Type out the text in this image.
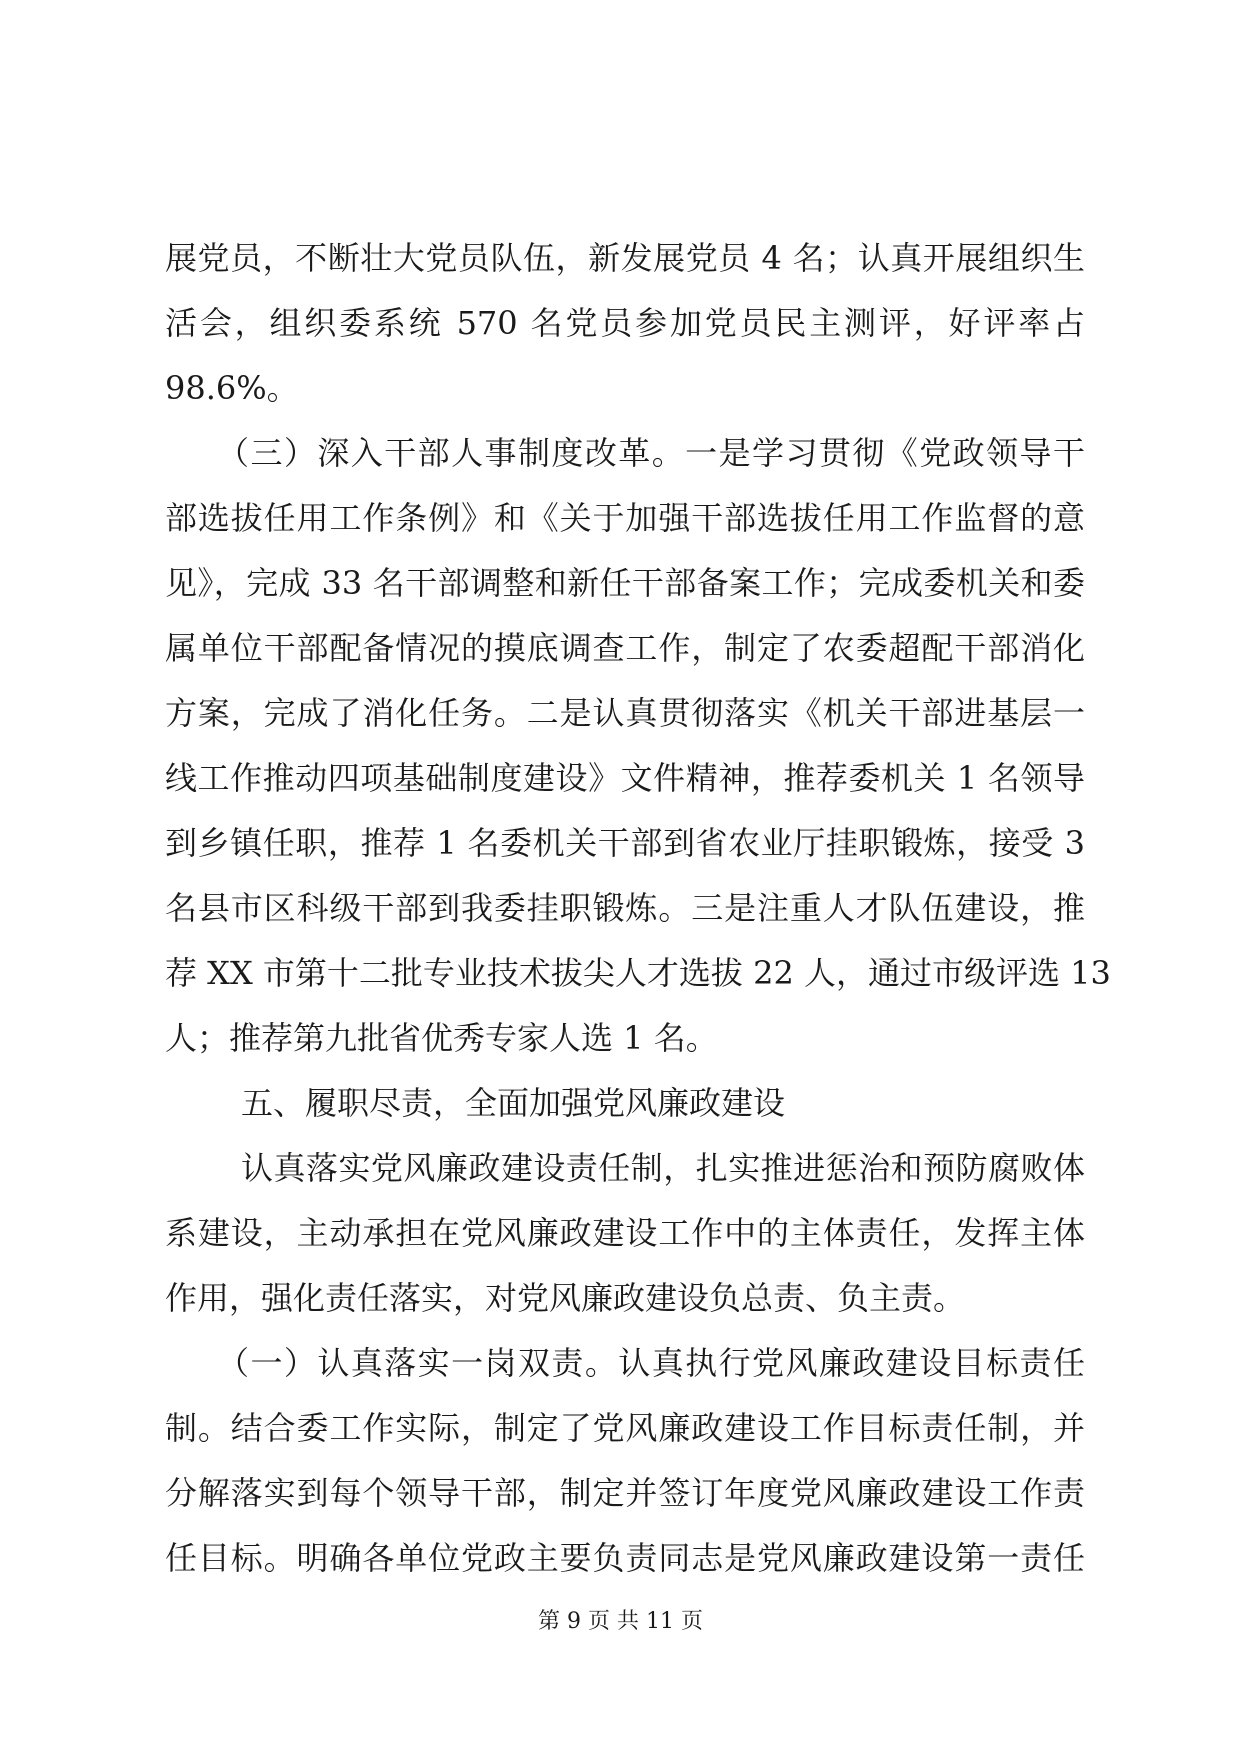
展党员，不断壮大党员队伍，新发展党员 4 名；认真开展组织生
活会，组织委系统 570 名党员参加党员民主测评，好评率占
98.6%。
（三）深入干部人事制度改革。一是学习贯彻《党政领导干
部选拔任用工作条例》和《关于加强干部选拔任用工作监督的意
见》，完成 33 名干部调整和新任干部备案工作；完成委机关和委
属单位干部配备情况的摸底调查工作，制定了农委超配干部消化
方案，完成了消化任务。二是认真贯彻落实《机关干部进基层一
线工作推动四项基础制度建设》文件精神，推荐委机关 1 名领导
到乡镇任职，推荐 1 名委机关干部到省农业厅挂职锻炼，接受 3
名县市区科级干部到我委挂职锻炼。三是注重人才队伍建设，推
荐 XX 市第十二批专业技术拔尖人才选拔 22 人，通过市级评选 13
人；推荐第九批省优秀专家人选 1 名。
五、履职尽责，全面加强党风廉政建设
认真落实党风廉政建设责任制，扎实推进惩治和预防腐败体
系建设，主动承担在党风廉政建设工作中的主体责任，发挥主体
作用，强化责任落实，对党风廉政建设负总责、负主责。
（一）认真落实一岗双责。认真执行党风廉政建设目标责任
制。结合委工作实际，制定了党风廉政建设工作目标责任制，并
分解落实到每个领导干部，制定并签订年度党风廉政建设工作责
任目标。明确各单位党政主要负责同志是党风廉政建设第一责任
第 9 页 共 11 页
